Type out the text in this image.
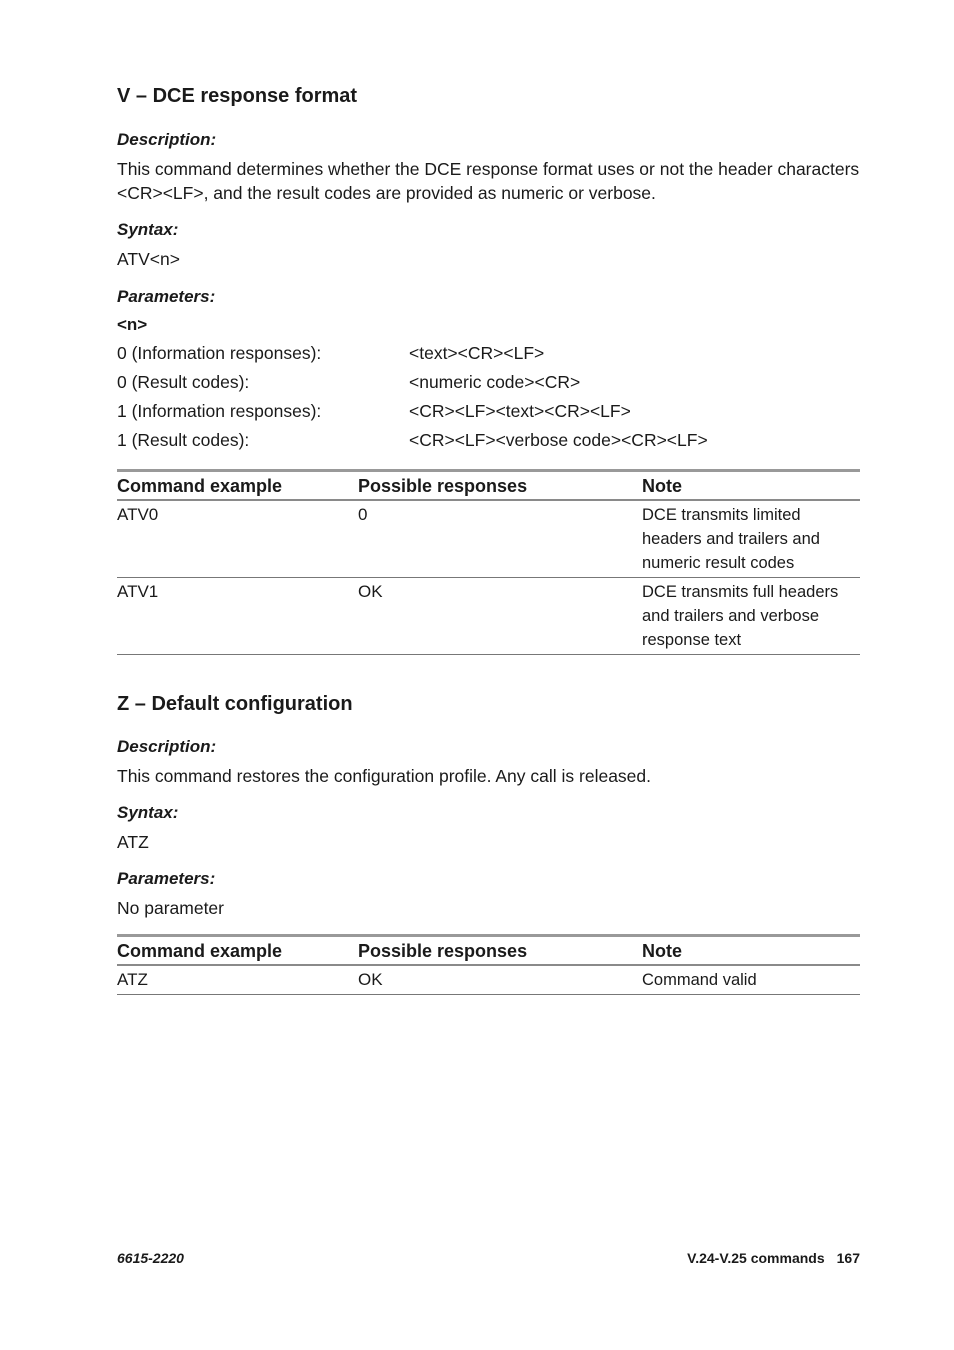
V – DCE response format

Description:

This command determines whether the DCE response format uses or not the header characters <CR><LF>, and the result codes are provided as numeric or verbose.

Syntax:

ATV<n>

Parameters:

<n>

0 (Information responses):	<text><CR><LF>
0 (Result codes):	<numeric code><CR>
1 (Information responses):	<CR><LF><text><CR><LF>
1 (Result codes):	<CR><LF><verbose code><CR><LF>
Command example	Possible responses	Note
ATV0	0	DCE transmits limited headers and trailers and numeric result codes
ATV1	OK	DCE transmits full headers and trailers and verbose response text
Z – Default configuration

Description:

This command restores the configuration profile. Any call is released.

Syntax:

ATZ

Parameters:

No parameter

Command example	Possible responses	Note
ATZ	OK	Command valid
6615-2220	V.24-V.25 commands 167
